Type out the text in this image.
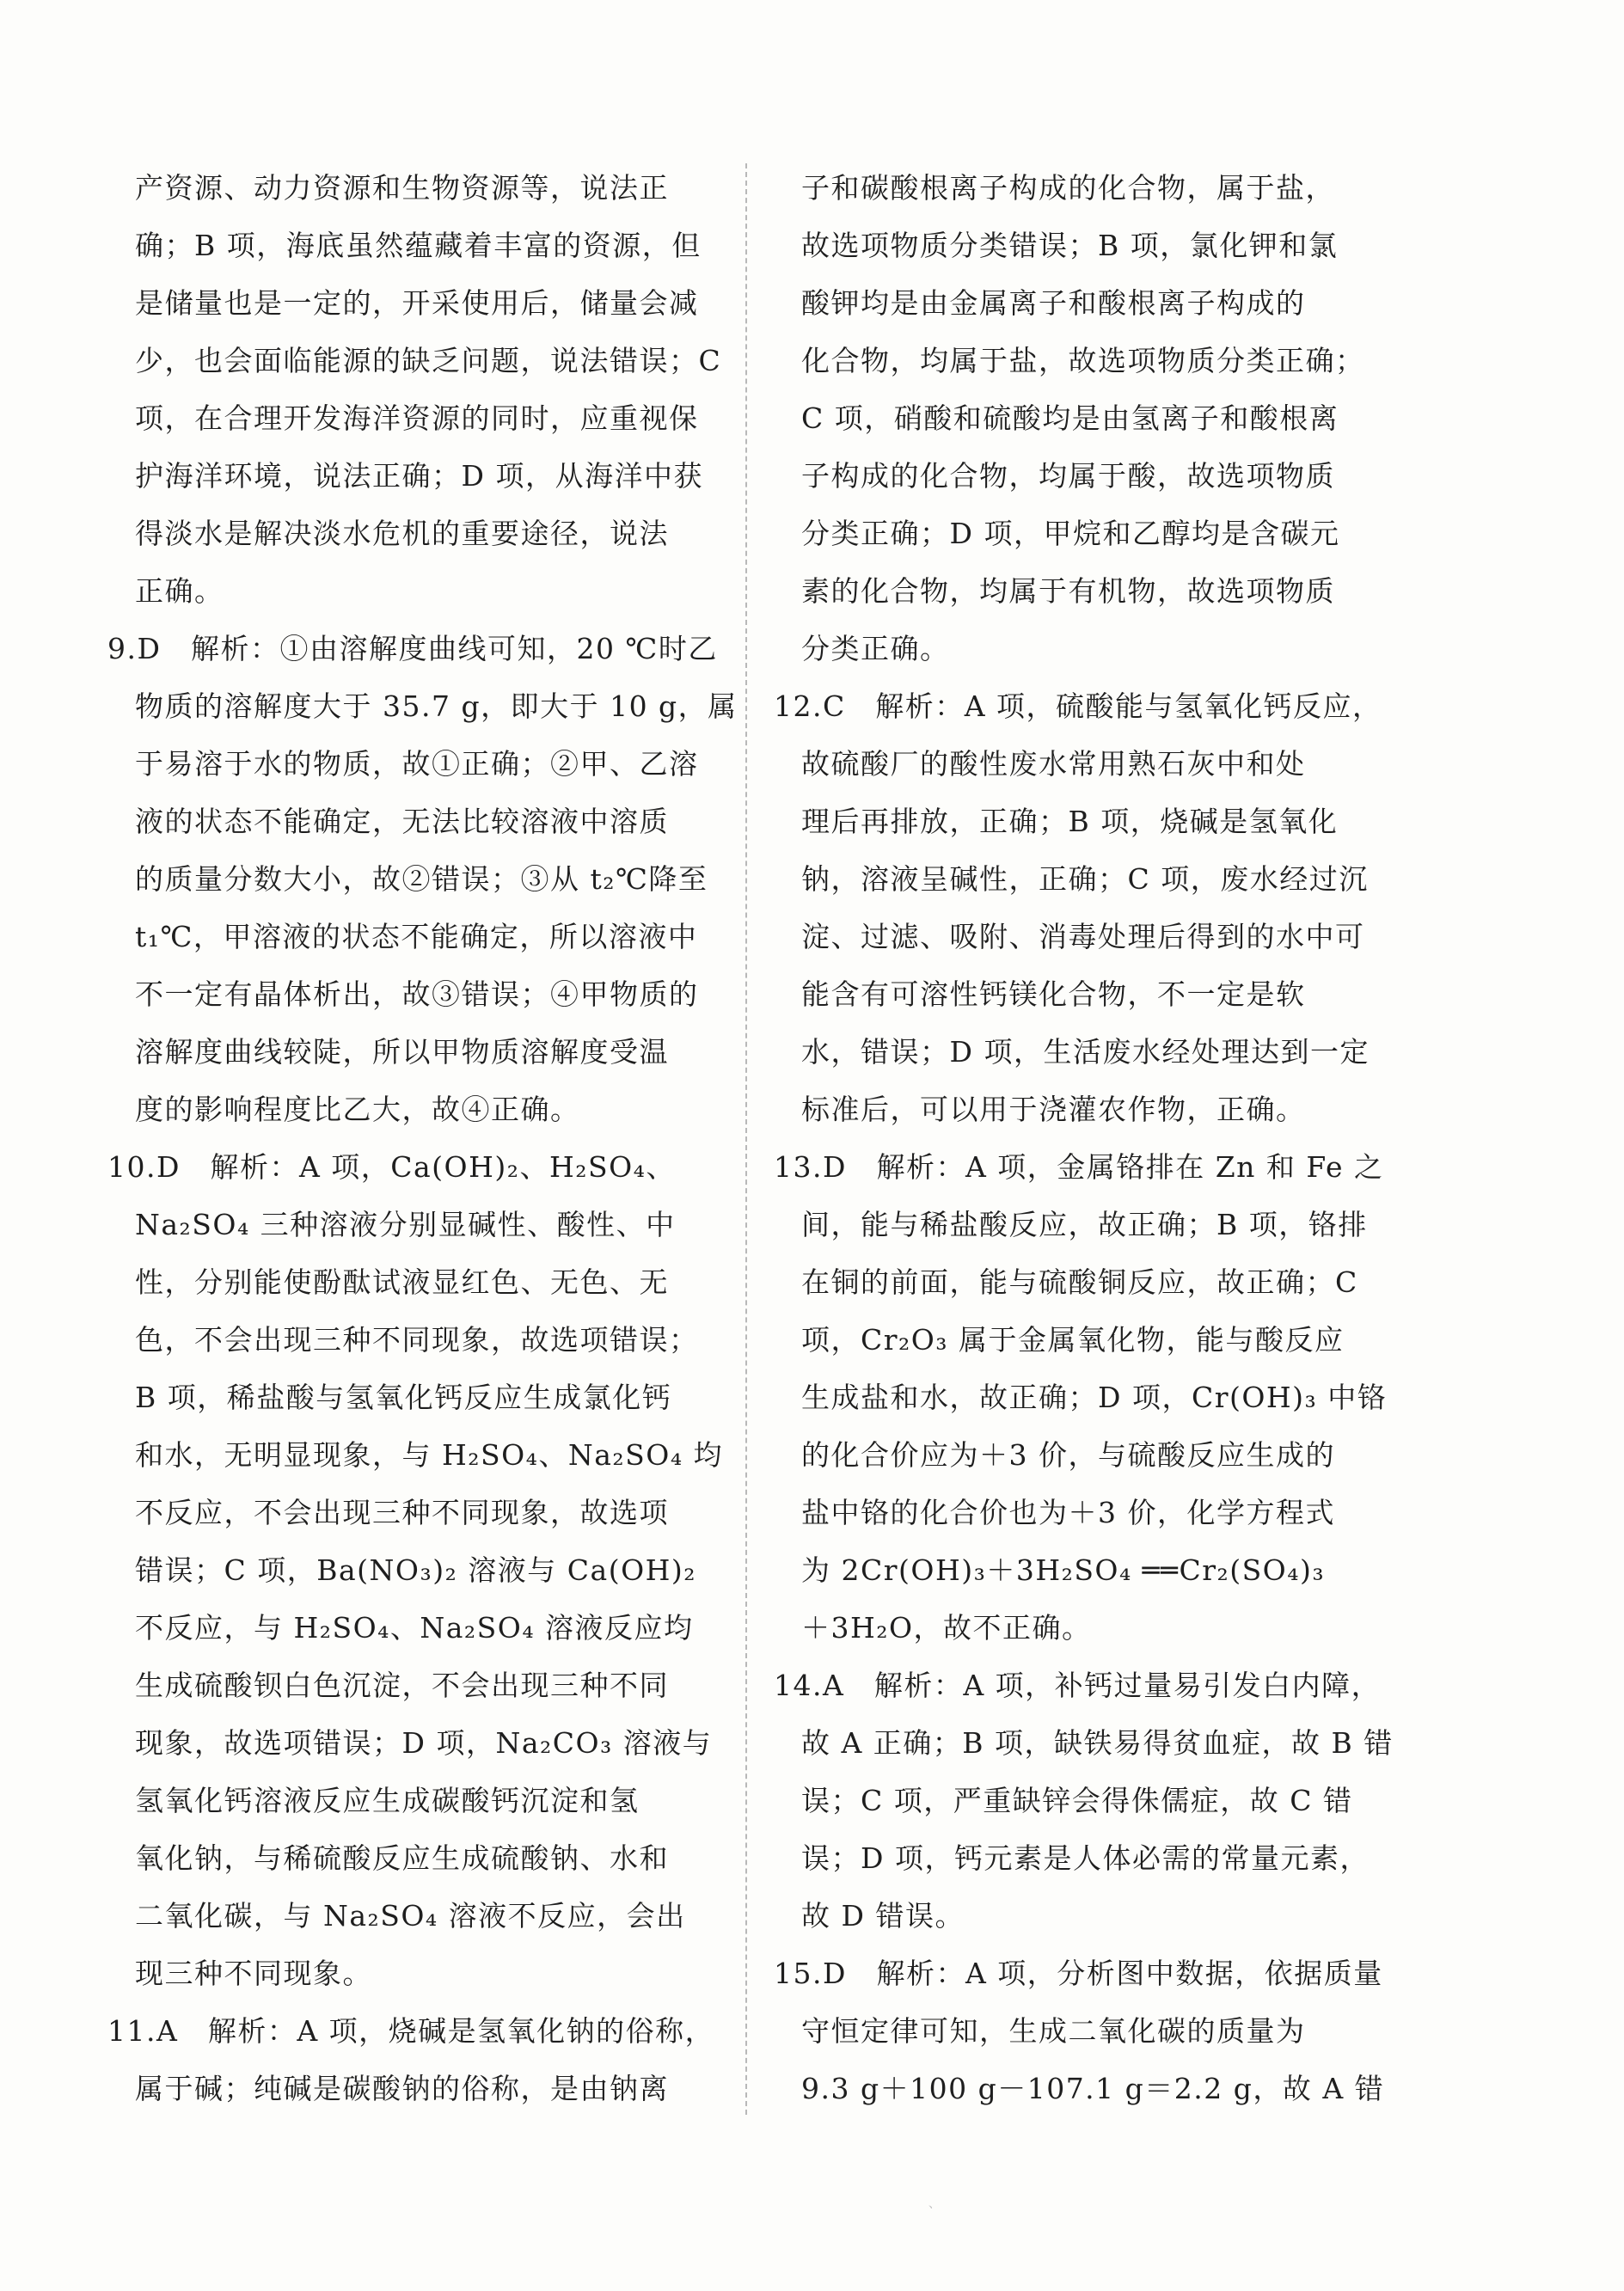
产资源、动力资源和生物资源等，说法正
确；B 项，海底虽然蕴藏着丰富的资源，但
是储量也是一定的，开采使用后，储量会减
少，也会面临能源的缺乏问题，说法错误；C
项，在合理开发海洋资源的同时，应重视保
护海洋环境，说法正确；D 项，从海洋中获
得淡水是解决淡水危机的重要途径，说法
正确。
9.D　解析：①由溶解度曲线可知，20 ℃时乙
物质的溶解度大于 35.7 g，即大于 10 g，属
于易溶于水的物质，故①正确；②甲、乙溶
液的状态不能确定，无法比较溶液中溶质
的质量分数大小，故②错误；③从 t₂℃降至
t₁℃，甲溶液的状态不能确定，所以溶液中
不一定有晶体析出，故③错误；④甲物质的
溶解度曲线较陡，所以甲物质溶解度受温
度的影响程度比乙大，故④正确。
10.D　解析：A 项，Ca(OH)₂、H₂SO₄、
Na₂SO₄ 三种溶液分别显碱性、酸性、中
性，分别能使酚酞试液显红色、无色、无
色，不会出现三种不同现象，故选项错误；
B 项，稀盐酸与氢氧化钙反应生成氯化钙
和水，无明显现象，与 H₂SO₄、Na₂SO₄ 均
不反应，不会出现三种不同现象，故选项
错误；C 项，Ba(NO₃)₂ 溶液与 Ca(OH)₂
不反应，与 H₂SO₄、Na₂SO₄ 溶液反应均
生成硫酸钡白色沉淀，不会出现三种不同
现象，故选项错误；D 项，Na₂CO₃ 溶液与
氢氧化钙溶液反应生成碳酸钙沉淀和氢
氧化钠，与稀硫酸反应生成硫酸钠、水和
二氧化碳，与 Na₂SO₄ 溶液不反应，会出
现三种不同现象。
11.A　解析：A 项，烧碱是氢氧化钠的俗称，
属于碱；纯碱是碳酸钠的俗称，是由钠离
子和碳酸根离子构成的化合物，属于盐，
故选项物质分类错误；B 项，氯化钾和氯
酸钾均是由金属离子和酸根离子构成的
化合物，均属于盐，故选项物质分类正确；
C 项，硝酸和硫酸均是由氢离子和酸根离
子构成的化合物，均属于酸，故选项物质
分类正确；D 项，甲烷和乙醇均是含碳元
素的化合物，均属于有机物，故选项物质
分类正确。
12.C　解析：A 项，硫酸能与氢氧化钙反应，
故硫酸厂的酸性废水常用熟石灰中和处
理后再排放，正确；B 项，烧碱是氢氧化
钠，溶液呈碱性，正确；C 项，废水经过沉
淀、过滤、吸附、消毒处理后得到的水中可
能含有可溶性钙镁化合物，不一定是软
水，错误；D 项，生活废水经处理达到一定
标准后，可以用于浇灌农作物，正确。
13.D　解析：A 项，金属铬排在 Zn 和 Fe 之
间，能与稀盐酸反应，故正确；B 项，铬排
在铜的前面，能与硫酸铜反应，故正确；C
项，Cr₂O₃ 属于金属氧化物，能与酸反应
生成盐和水，故正确；D 项，Cr(OH)₃ 中铬
的化合价应为＋3 价，与硫酸反应生成的
盐中铬的化合价也为＋3 价，化学方程式
为 2Cr(OH)₃＋3H₂SO₄ ══Cr₂(SO₄)₃
＋3H₂O，故不正确。
14.A　解析：A 项，补钙过量易引发白内障，
故 A 正确；B 项，缺铁易得贫血症，故 B 错
误；C 项，严重缺锌会得侏儒症，故 C 错
误；D 项，钙元素是人体必需的常量元素，
故 D 错误。
15.D　解析：A 项，分析图中数据，依据质量
守恒定律可知，生成二氧化碳的质量为
9.3 g＋100 g－107.1 g＝2.2 g，故 A 错
、
